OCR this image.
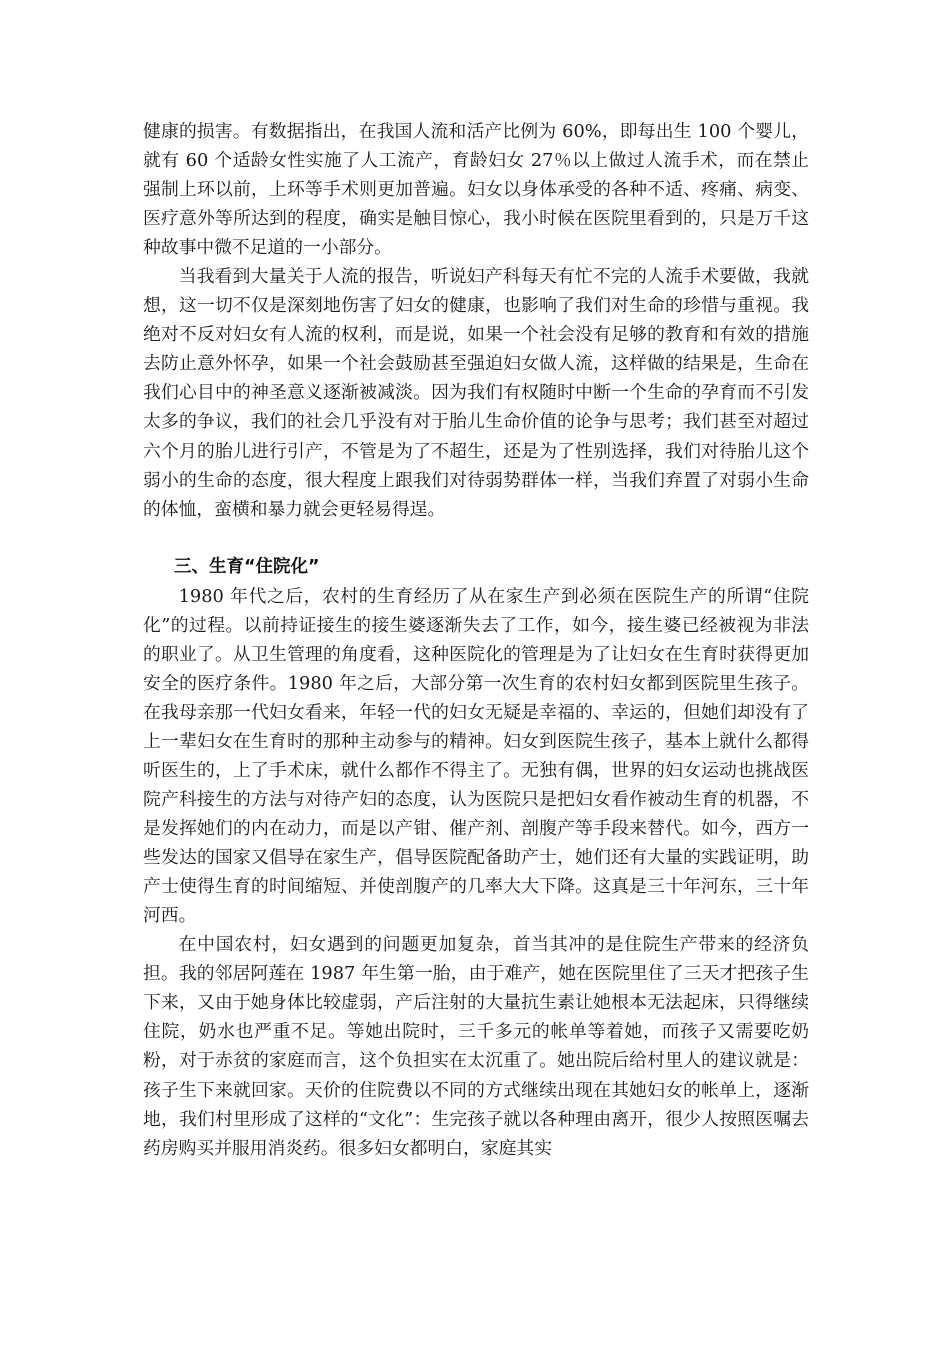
健康的损害。有数据指出，在我国人流和活产比例为 60%，即每出生 100 个婴儿，就有 60 个适龄女性实施了人工流产，育龄妇女 27％以上做过人流手术，而在禁止强制上环以前，上环等手术则更加普遍。妇女以身体承受的各种不适、疼痛、病变、医疗意外等所达到的程度，确实是触目惊心，我小时候在医院里看到的，只是万千这种故事中微不足道的一小部分。

当我看到大量关于人流的报告，听说妇产科每天有忙不完的人流手术要做，我就想，这一切不仅是深刻地伤害了妇女的健康，也影响了我们对生命的珍惜与重视。我绝对不反对妇女有人流的权利，而是说，如果一个社会没有足够的教育和有效的措施去防止意外怀孕，如果一个社会鼓励甚至强迫妇女做人流，这样做的结果是，生命在我们心目中的神圣意义逐渐被减淡。因为我们有权随时中断一个生命的孕育而不引发太多的争议，我们的社会几乎没有对于胎儿生命价值的论争与思考；我们甚至对超过六个月的胎儿进行引产，不管是为了不超生，还是为了性别选择，我们对待胎儿这个弱小的生命的态度，很大程度上跟我们对待弱势群体一样，当我们弃置了对弱小生命的体恤，蛮横和暴力就会更轻易得逞。

三、生育“住院化”

1980 年代之后，农村的生育经历了从在家生产到必须在医院生产的所谓“住院化”的过程。以前持证接生的接生婆逐渐失去了工作，如今，接生婆已经被视为非法的职业了。从卫生管理的角度看，这种医院化的管理是为了让妇女在生育时获得更加安全的医疗条件。1980 年之后，大部分第一次生育的农村妇女都到医院里生孩子。在我母亲那一代妇女看来，年轻一代的妇女无疑是幸福的、幸运的，但她们却没有了上一辈妇女在生育时的那种主动参与的精神。妇女到医院生孩子，基本上就什么都得听医生的，上了手术床，就什么都作不得主了。无独有偶，世界的妇女运动也挑战医院产科接生的方法与对待产妇的态度，认为医院只是把妇女看作被动生育的机器，不是发挥她们的内在动力，而是以产钳、催产剂、剖腹产等手段来替代。如今，西方一些发达的国家又倡导在家生产，倡导医院配备助产士，她们还有大量的实践证明，助产士使得生育的时间缩短、并使剖腹产的几率大大下降。这真是三十年河东，三十年河西。

在中国农村，妇女遇到的问题更加复杂，首当其冲的是住院生产带来的经济负担。我的邻居阿莲在 1987 年生第一胎，由于难产，她在医院里住了三天才把孩子生下来，又由于她身体比较虚弱，产后注射的大量抗生素让她根本无法起床，只得继续住院，奶水也严重不足。等她出院时，三千多元的帐单等着她，而孩子又需要吃奶粉，对于赤贫的家庭而言，这个负担实在太沉重了。她出院后给村里人的建议就是：孩子生下来就回家。天价的住院费以不同的方式继续出现在其她妇女的帐单上，逐渐地，我们村里形成了这样的“文化”：生完孩子就以各种理由离开，很少人按照医嘱去药房购买并服用消炎药。很多妇女都明白，家庭其实
